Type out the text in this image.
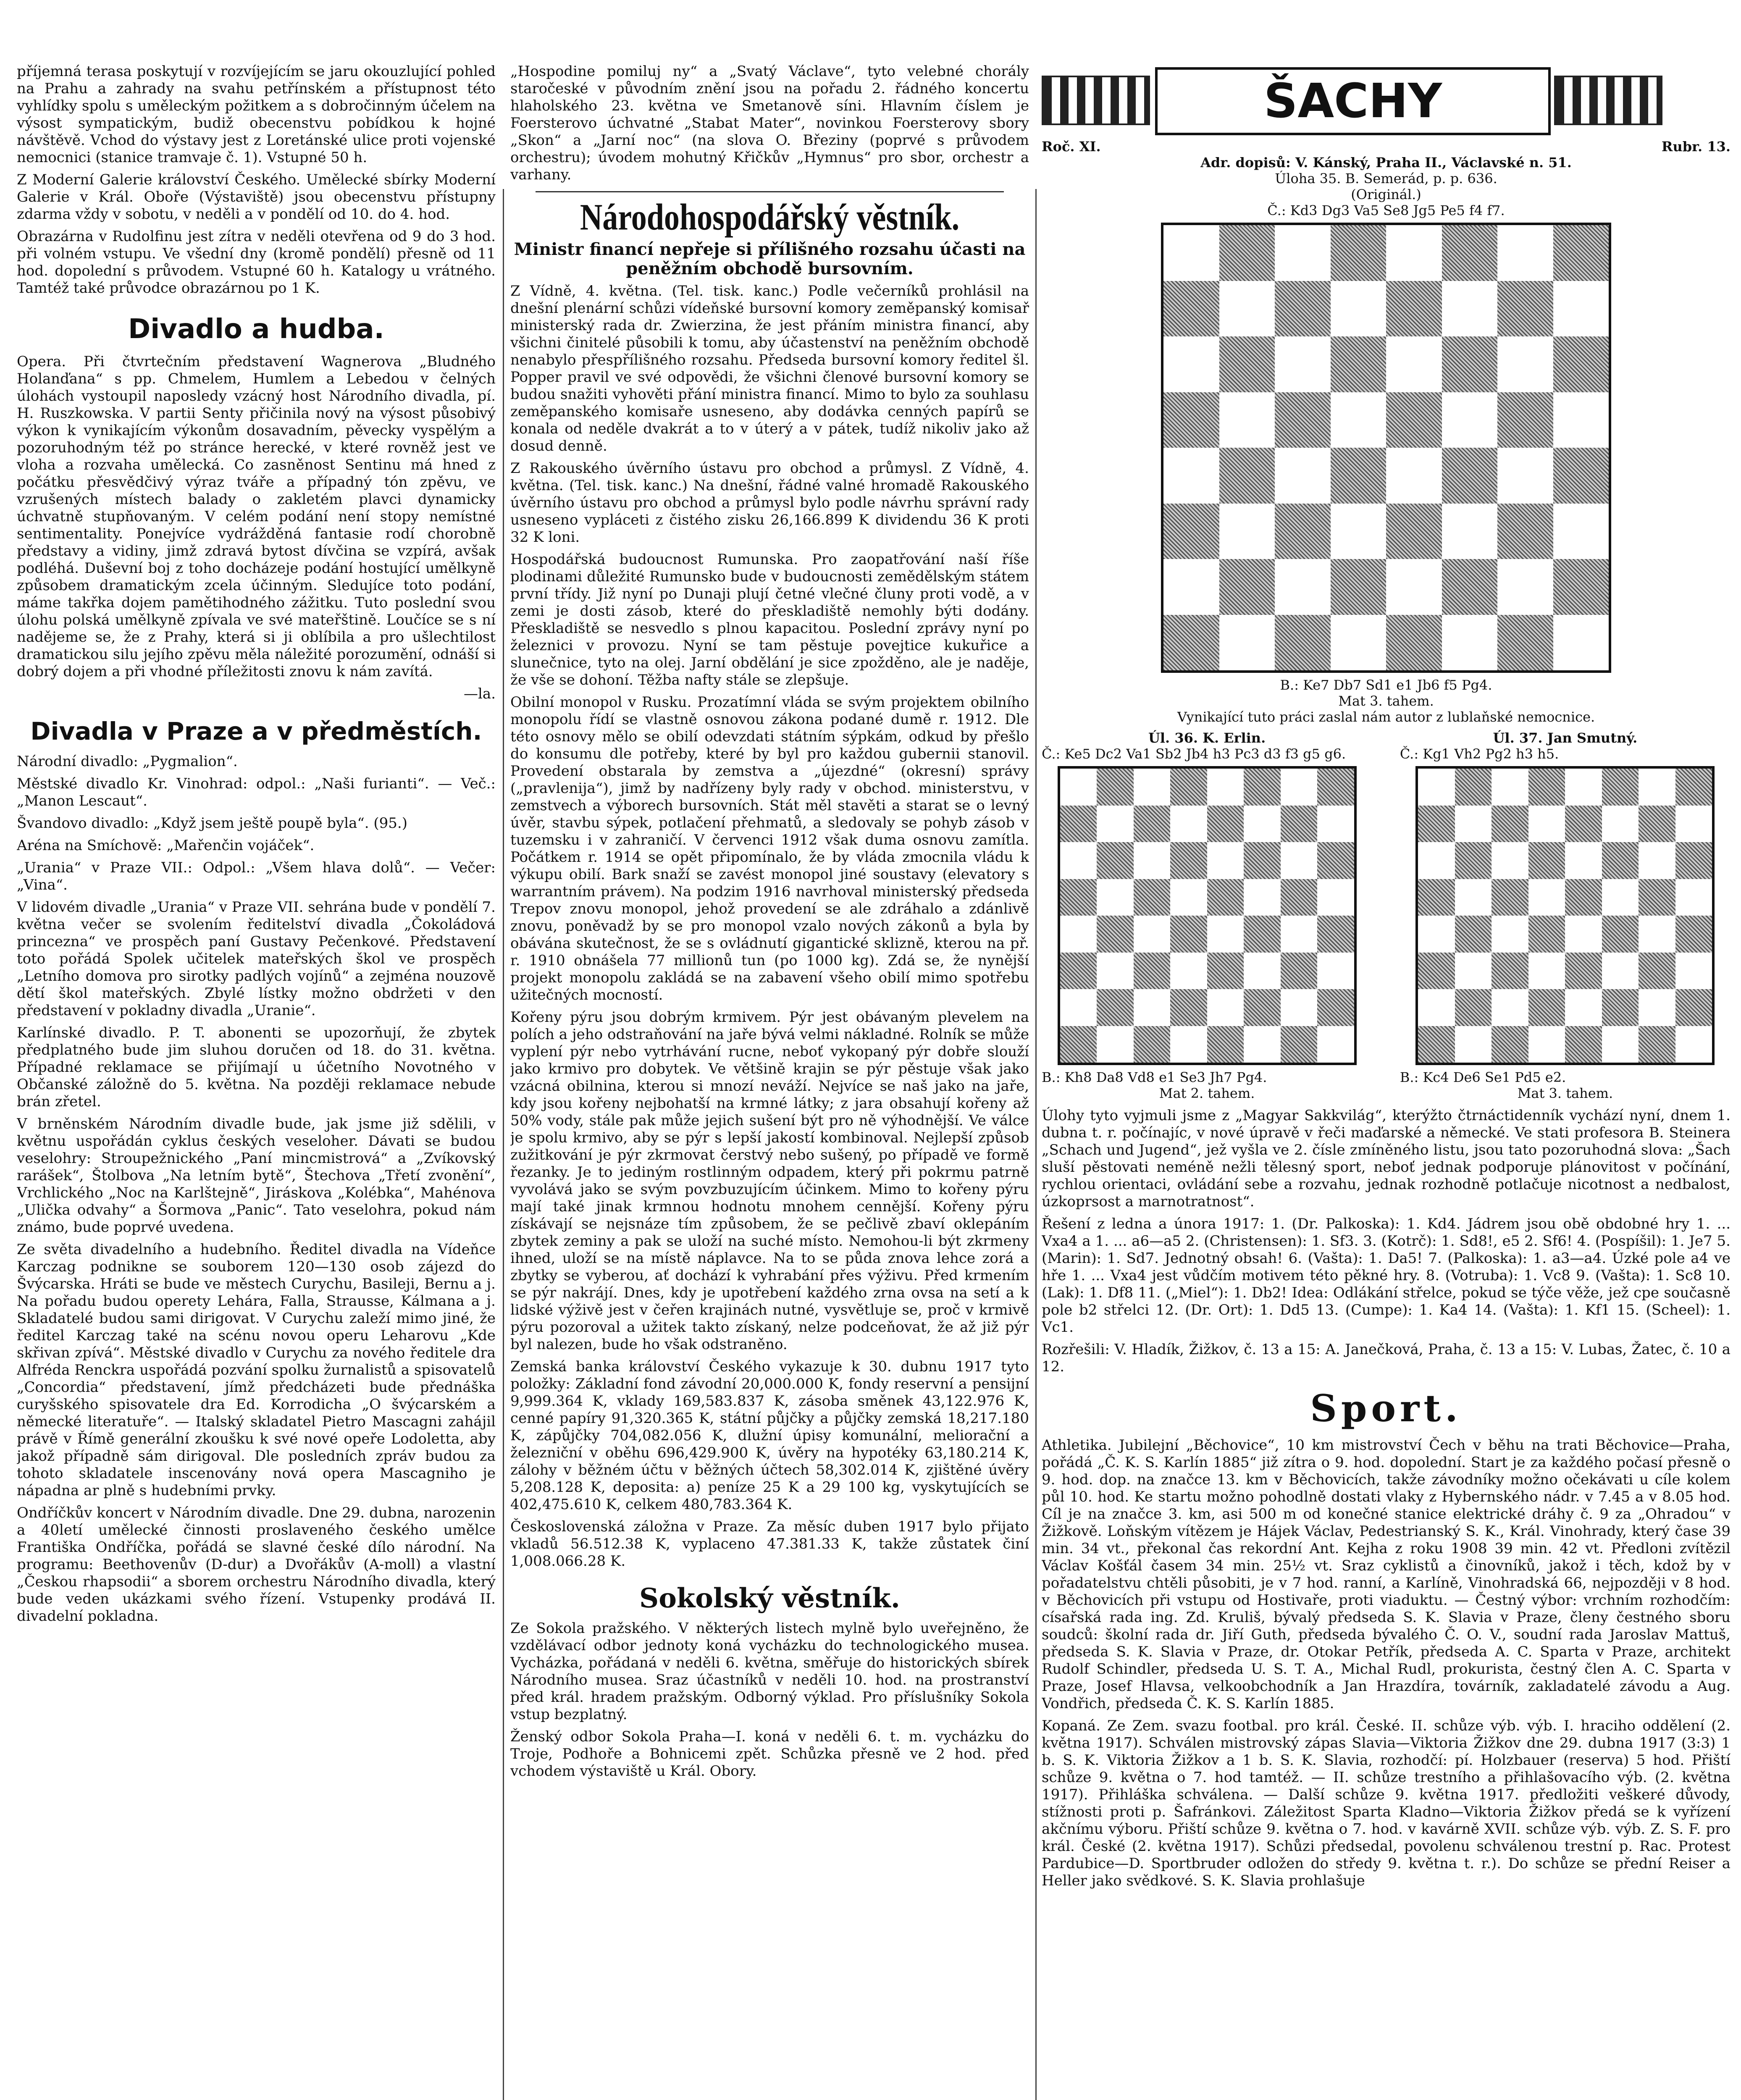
příjemná terasa poskytují v rozvíjejícím se jaru okouzlující pohled na Prahu a zahrady na svahu petřínském a přístupnost této vyhlídky spolu s uměleckým požitkem a s dobročinným účelem na výsost sympatickým, budiž obecenstvu pobídkou k hojné návštěvě. Vchod do výstavy jest z Loretánské ulice proti vojenské nemocnici (stanice tramvaje č. 1). Vstupné 50 h.

Z Moderní Galerie království Českého. Umělecké sbírky Moderní Galerie v Král. Oboře (Výstaviště) jsou obecenstvu přístupny zdarma vždy v sobotu, v neděli a v pondělí od 10. do 4. hod.

Obrazárna v Rudolfinu jest zítra v neděli otevřena od 9 do 3 hod. při volném vstupu. Ve všední dny (kromě pondělí) přesně od 11 hod. dopolední s průvodem. Vstupné 60 h. Katalogy u vrátného. Tamtéž také průvodce obrazárnou po 1 K.

Divadlo a hudba.

Opera. Při čtvrtečním představení Wagnerova „Bludného Holanďana“ s pp. Chmelem, Humlem a Lebedou v čelných úlohách vystoupil naposledy vzácný host Národního divadla, pí. H. Ruszkowska. V partii Senty přičinila nový na výsost působivý výkon k vynikajícím výkonům dosavadním, pěvecky vyspělým a pozoruhodným též po stránce herecké, v které rovněž jest ve vloha a rozvaha umělecká. Co zasněnost Sentinu má hned z počátku přesvědčivý výraz tváře a případný tón zpěvu, ve vzrušených místech balady o zakletém plavci dynamicky úchvatně stupňovaným. V celém podání není stopy nemístné sentimentality. Ponejvíce vydrážděná fantasie rodí chorobně představy a vidiny, jimž zdravá bytost dívčina se vzpírá, avšak podléhá. Duševní boj z toho docházeje podání hostující umělkyně způsobem dramatickým zcela účinným. Sledujíce toto podání, máme takřka dojem pamětihodného zážitku. Tuto poslední svou úlohu polská umělkyně zpívala ve své mateřštině. Loučíce se s ní nadějeme se, že z Prahy, která si ji oblíbila a pro ušlechtilost dramatickou silu jejího zpěvu měla náležité porozumění, odnáší si dobrý dojem a při vhodné příležitosti znovu k nám zavítá.

—la.

Divadla v Praze a v předměstích.

Národní divadlo: „Pygmalion“.

Městské divadlo Kr. Vinohrad: odpol.: „Naši furianti“. — Več.: „Manon Lescaut“.

Švandovo divadlo: „Když jsem ještě poupě byla“. (95.)

Aréna na Smíchově: „Mařenčin vojáček“.

„Urania“ v Praze VII.: Odpol.: „Všem hlava dolů“. — Večer: „Vina“.

V lidovém divadle „Urania“ v Praze VII. sehrána bude v pondělí 7. května večer se svolením ředitelství divadla „Čokoládová princezna“ ve prospěch paní Gustavy Pečenkové. Představení toto pořádá Spolek učitelek mateřských škol ve prospěch „Letního domova pro sirotky padlých vojínů“ a zejména nouzově dětí škol mateřských. Zbylé lístky možno obdržeti v den představení v pokladny divadla „Uranie“.

Karlínské divadlo. P. T. abonenti se upozorňují, že zbytek předplatného bude jim sluhou doručen od 18. do 31. května. Případné reklamace se přijímají u účetního Novotného v Občanské záložně do 5. května. Na později reklamace nebude brán zřetel.

V brněnském Národním divadle bude, jak jsme již sdělili, v květnu uspořádán cyklus českých veseloher. Dávati se budou veselohry: Stroupežnického „Paní mincmistrová“ a „Zvíkovský rarášek“, Štolbova „Na letním bytě“, Štechova „Třetí zvonění“, Vrchlického „Noc na Karlštejně“, Jiráskova „Kolébka“, Mahénova „Ulička odvahy“ a Šormova „Panic“. Tato veselohra, pokud nám známo, bude poprvé uvedena.

Ze světa divadelního a hudebního. Ředitel divadla na Vídeňce Karczag podnikne se souborem 120—130 osob zájezd do Švýcarska. Hráti se bude ve městech Curychu, Basileji, Bernu a j. Na pořadu budou operety Lehára, Falla, Strausse, Kálmana a j. Skladatelé budou sami dirigovat. V Curychu zaleží mimo jiné, že ředitel Karczag také na scénu novou operu Leharovu „Kde skřivan zpívá“. Městské divadlo v Curychu za nového ředitele dra Alfréda Renckra uspořádá pozvání spolku žurnalistů a spisovatelů „Concordia“ představení, jímž předcházeti bude přednáška curyšského spisovatele dra Ed. Korrodicha „O švýcarském a německé literatuře“. — Italský skladatel Pietro Mascagni zahájil právě v Římě generální zkoušku k své nové opeře Lodoletta, aby jakož případně sám dirigoval. Dle posledních zpráv budou za tohoto skladatele inscenovány nová opera Mascagniho je nápadna ar plně s hudebními prvky.

Ondříčkův koncert v Národním divadle. Dne 29. dubna, narozenin a 40letí umělecké činnosti proslaveného českého umělce Františka Ondříčka, pořádá se slavné české dílo národní. Na programu: Beethovenův (D-dur) a Dvořákův (A-moll) a vlastní „Českou rhapsodii“ a sborem orchestru Národního divadla, který bude veden ukázkami svého řízení. Vstupenky prodává II. divadelní pokladna.

„Hospodine pomiluj ny“ a „Svatý Václave“, tyto velebné chorály staročeské v původním znění jsou na pořadu 2. řádného koncertu hlaholského 23. května ve Smetanově síni. Hlavním číslem je Foersterovo úchvatné „Stabat Mater“, novinkou Foersterovy sbory „Skon“ a „Jarní noc“ (na slova O. Březiny (poprvé s průvodem orchestru); úvodem mohutný Křičkův „Hymnus“ pro sbor, orchestr a varhany.

Národohospodářský věstník.
Ministr financí nepřeje si přílišného rozsahu účasti na peněžním obchodě bursovním.

Z Vídně, 4. května. (Tel. tisk. kanc.) Podle večerníků prohlásil na dnešní plenární schůzi vídeňské bursovní komory zeměpanský komisař ministerský rada dr. Zwierzina, že jest přáním ministra financí, aby všichni činitelé působili k tomu, aby účastenství na peněžním obchodě nenabylo přespřílišného rozsahu. Předseda bursovní komory ředitel šl. Popper pravil ve své odpovědi, že všichni členové bursovní komory se budou snažiti vyhověti přání ministra financí. Mimo to bylo za souhlasu zeměpanského komisaře usneseno, aby dodávka cenných papírů se konala od neděle dvakrát a to v úterý a v pátek, tudíž nikoliv jako až dosud denně.

Z Rakouského úvěrního ústavu pro obchod a průmysl. Z Vídně, 4. května. (Tel. tisk. kanc.) Na dnešní, řádné valné hromadě Rakouského úvěrního ústavu pro obchod a průmysl bylo podle návrhu správní rady usneseno vypláceti z čistého zisku 26,166.899 K dividendu 36 K proti 32 K loni.

Hospodářská budoucnost Rumunska. Pro zaopatřování naší říše plodinami důležité Rumunsko bude v budoucnosti zemědělským státem první třídy. Již nyní po Dunaji plují četné vlečné čluny proti vodě, a v zemi je dosti zásob, které do přeskladiště nemohly býti dodány. Přeskladiště se nesvedlo s plnou kapacitou. Poslední zprávy nyní po železnici v provozu. Nyní se tam pěstuje povejtice kukuřice a slunečnice, tyto na olej. Jarní obdělání je sice zpožděno, ale je naděje, že vše se dohoní. Těžba nafty stále se zlepšuje.

Obilní monopol v Rusku. Prozatímní vláda se svým projektem obilního monopolu řídí se vlastně osnovou zákona podané dumě r. 1912. Dle této osnovy mělo se obilí odevzdati státním sýpkám, odkud by přešlo do konsumu dle potřeby, které by byl pro každou gubernii stanovil. Provedení obstarala by zemstva a „újezdné“ (okresní) správy („pravlenija“), jimž by nadřízeny byly rady v obchod. ministerstvu, v zemstvech a výborech bursovních. Stát měl stavěti a starat se o levný úvěr, stavbu sýpek, potlačení přehmatů, a sledovaly se pohyb zásob v tuzemsku i v zahraničí. V červenci 1912 však duma osnovu zamítla. Počátkem r. 1914 se opět připomínalo, že by vláda zmocnila vládu k výkupu obilí. Bark snaží se zavést monopol jiné soustavy (elevatory s warrantním právem). Na podzim 1916 navrhoval ministerský předseda Trepov znovu monopol, jehož provedení se ale zdráhalo a zdánlivě znovu, poněvadž by se pro monopol vzalo nových zákonů a byla by obávána skutečnost, že se s ovládnutí gigantické sklizně, kterou na př. r. 1910 obnášela 77 millionů tun (po 1000 kg). Zdá se, že nynější projekt monopolu zakládá se na zabavení všeho obilí mimo spotřebu užitečných mocností.

Kořeny pýru jsou dobrým krmivem. Pýr jest obávaným plevelem na polích a jeho odstraňování na jaře bývá velmi nákladné. Rolník se může vyplení pýr nebo vytrhávání rucne, neboť vykopaný pýr dobře slouží jako krmivo pro dobytek. Ve většině krajin se pýr pěstuje však jako vzácná obilnina, kterou si mnozí neváží. Nejvíce se naš jako na jaře, kdy jsou kořeny nejbohatší na krmné látky; z jara obsahují kořeny až 50% vody, stále pak může jejich sušení být pro ně výhodnější. Ve válce je spolu krmivo, aby se pýr s lepší jakostí kombinoval. Nejlepší způsob zužitkování je pýr zkrmovat čerstvý nebo sušený, po případě ve formě řezanky. Je to jediným rostlinným odpadem, který při pokrmu patrně vyvolává jako se svým povzbuzujícím účinkem. Mimo to kořeny pýru mají také jinak krmnou hodnotu mnohem cennější. Kořeny pýru získávají se nejsnáze tím způsobem, že se pečlivě zbaví oklepáním zbytek zeminy a pak se uloží na suché místo. Nemohou-li být zkrmeny ihned, uloží se na místě náplavce. Na to se půda znova lehce zorá a zbytky se vyberou, ať dochází k vyhrabání přes výživu. Před krmením se pýr nakrájí. Dnes, kdy je upotřebení každého zrna ovsa na setí a k lidské výživě jest v čeřen krajinách nutné, vysvětluje se, proč v krmivě pýru pozoroval a užitek takto získaný, nelze podceňovat, že až již pýr byl nalezen, bude ho však odstraněno.

Zemská banka království Českého vykazuje k 30. dubnu 1917 tyto položky: Základní fond závodní 20,000.000 K, fondy reservní a pensijní 9,999.364 K, vklady 169,583.837 K, zásoba směnek 43,122.976 K, cenné papíry 91,320.365 K, státní půjčky a půjčky zemská 18,217.180 K, zápůjčky 704,082.056 K, dlužní úpisy komunální, meliorační a železniční v oběhu 696,429.900 K, úvěry na hypotéky 63,180.214 K, zálohy v běžném účtu v běžných účtech 58,302.014 K, zjištěné úvěry 5,208.128 K, deposita: a) peníze 25 K a 29 100 kg, vyskytujících se 402,475.610 K, celkem 480,783.364 K.

Československá záložna v Praze. Za měsíc duben 1917 bylo přijato vkladů 56.512.38 K, vyplaceno 47.381.33 K, takže zůstatek činí 1,008.066.28 K.

Sokolský věstník.

Ze Sokola pražského. V některých listech mylně bylo uveřejněno, že vzdělávací odbor jednoty koná vycházku do technologického musea. Vycházka, pořádaná v neděli 6. května, směřuje do historických sbírek Národního musea. Sraz účastníků v neděli 10. hod. na prostranství před král. hradem pražským. Odborný výklad. Pro příslušníky Sokola vstup bezplatný.

Ženský odbor Sokola Praha—I. koná v neděli 6. t. m. vycházku do Troje, Podhoře a Bohnicemi zpět. Schůzka přesně ve 2 hod. před vchodem výstaviště u Král. Obory.

ŠACHY
Roč. XI.	Rubr. 13.
Adr. dopisů: V. Kánský, Praha II., Václavské n. 51.
Úloha 35. B. Semerád, p. p. 636.
(Originál.)
Č.: Kd3 Dg3 Va5 Se8 Jg5 Pe5 f4 f7.
B.: Ke7 Db7 Sd1 e1 Jb6 f5 Pg4.
Mat 3. tahem.
Vynikající tuto práci zaslal nám autor z lublaňské nemocnice.
Úl. 36. K. Erlin.
Č.: Ke5 Dc2 Va1 Sb2 Jb4 h3 Pc3 d3 f3 g5 g6.
B.: Kh8 Da8 Vd8 e1 Se3 Jh7 Pg4.
Mat 2. tahem.
Úl. 37. Jan Smutný.
Č.: Kg1 Vh2 Pg2 h3 h5.
B.: Kc4 De6 Se1 Pd5 e2.
Mat 3. tahem.

Úlohy tyto vyjmuli jsme z „Magyar Sakkvilág“, kterýžto čtrnáctidenník vychází nyní, dnem 1. dubna t. r. počínajíc, v nové úpravě v řeči maďarské a německé. Ve stati profesora B. Steinera „Schach und Jugend“, jež vyšla ve 2. čísle zmíněného listu, jsou tato pozoruhodná slova: „Šach sluší pěstovati neméně nežli tělesný sport, neboť jednak podporuje plánovitost v počínání, rychlou orientaci, ovládání sebe a rozvahu, jednak rozhodně potlačuje nicotnost a nedbalost, úzkoprsost a marnotratnost“.

Řešení z ledna a února 1917: 1. (Dr. Palkoska): 1. Kd4. Jádrem jsou obě obdobné hry 1. ... Vxa4 a 1. ... a6—a5 2. (Christensen): 1. Sf3. 3. (Kotrč): 1. Sd8!, e5 2. Sf6! 4. (Pospíšil): 1. Je7 5. (Marin): 1. Sd7. Jednotný obsah! 6. (Vašta): 1. Da5! 7. (Palkoska): 1. a3—a4. Úzké pole a4 ve hře 1. ... Vxa4 jest vůdčím motivem této pěkné hry. 8. (Votruba): 1. Vc8 9. (Vašta): 1. Sc8 10. (Lak): 1. Df8 11. („Miel“): 1. Db2! Idea: Odlákání střelce, pokud se týče věže, jež cpe současně pole b2 střelci 12. (Dr. Ort): 1. Dd5 13. (Cumpe): 1. Ka4 14. (Vašta): 1. Kf1 15. (Scheel): 1. Vc1.

Rozřešili: V. Hladík, Žižkov, č. 13 a 15: A. Janečková, Praha, č. 13 a 15: V. Lubas, Žatec, č. 10 a 12.

Sport.

Athletika. Jubilejní „Běchovice“, 10 km mistrovství Čech v běhu na trati Běchovice—Praha, pořádá „Č. K. S. Karlín 1885“ již zítra o 9. hod. dopolední. Start je za každého počasí přesně o 9. hod. dop. na značce 13. km v Běchovicích, takže závodníky možno očekávati u cíle kolem půl 10. hod. Ke startu možno pohodlně dostati vlaky z Hybernského nádr. v 7.45 a v 8.05 hod. Cíl je na značce 3. km, asi 500 m od konečné stanice elektrické dráhy č. 9 za „Ohradou“ v Žižkově. Loňským vítězem je Hájek Václav, Pedestrianský S. K., Král. Vinohrady, který čase 39 min. 34 vt., překonal čas rekordní Ant. Kejha z roku 1908 39 min. 42 vt. Předloni zvítězil Václav Košťál časem 34 min. 25½ vt. Sraz cyklistů a činovníků, jakož i těch, kdož by v pořadatelstvu chtěli působiti, je v 7 hod. ranní, a Karlíně, Vinohradská 66, nejpozději v 8 hod. v Běchovicích při vstupu od Hostivaře, proti viaduktu. — Čestný výbor: vrchním rozhodčím: císařská rada ing. Zd. Kruliš, bývalý předseda S. K. Slavia v Praze, členy čestného sboru soudců: školní rada dr. Jiří Guth, předseda bývalého Č. O. V., soudní rada Jaroslav Mattuš, předseda S. K. Slavia v Praze, dr. Otokar Petřík, předseda A. C. Sparta v Praze, architekt Rudolf Schindler, předseda U. S. T. A., Michal Rudl, prokurista, čestný člen A. C. Sparta v Praze, Josef Hlavsa, velkoobchodník a Jan Hrazdíra, továrník, zakladatelé závodu a Aug. Vondřich, předseda Č. K. S. Karlín 1885.

Kopaná. Ze Zem. svazu footbal. pro král. České. II. schůze výb. výb. I. hraciho oddělení (2. května 1917). Schválen mistrovský zápas Slavia—Viktoria Žižkov dne 29. dubna 1917 (3:3) 1 b. S. K. Viktoria Žižkov a 1 b. S. K. Slavia, rozhodčí: pí. Holzbauer (reserva) 5 hod. Přiští schůze 9. května o 7. hod tamtéž. — II. schůze trestního a přihlašovacího výb. (2. května 1917). Přihláška schválena. — Další schůze 9. května 1917. předložiti veškeré důvody, stížnosti proti p. Šafránkovi. Záležitost Sparta Kladno—Viktoria Žižkov předá se k vyřízení akčnímu výboru. Přiští schůze 9. května o 7. hod. v kavárně XVII. schůze výb. výb. Z. S. F. pro král. České (2. května 1917). Schůzi předsedal, povolenu schválenou trestní p. Rac. Protest Pardubice—D. Sportbruder odložen do středy 9. května t. r.). Do schůze se přední Reiser a Heller jako svědkové. S. K. Slavia prohlašuje
